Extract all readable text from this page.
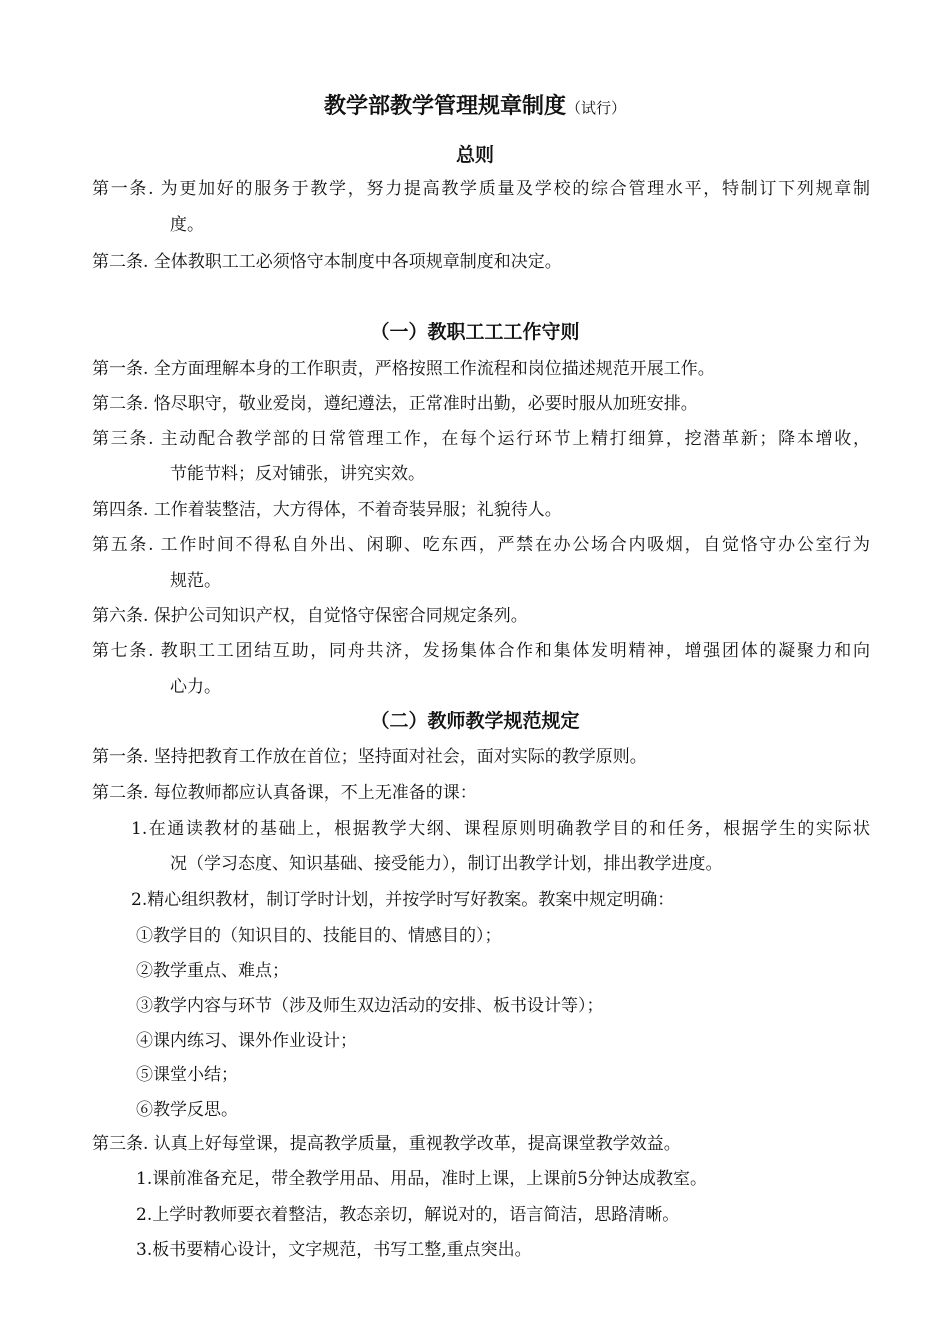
教学部教学管理规章制度（试行）
总则
第一条. 为更加好的服务于教学，努力提高教学质量及学校的综合管理水平，特制订下列规章制
度。
第二条. 全体教职工工必须恪守本制度中各项规章制度和决定。
（一）教职工工工作守则
第一条. 全方面理解本身的工作职责，严格按照工作流程和岗位描述规范开展工作。
第二条. 恪尽职守，敬业爱岗，遵纪遵法，正常准时出勤，必要时服从加班安排。
第三条. 主动配合教学部的日常管理工作，在每个运行环节上精打细算，挖潜革新；降本增收，
节能节料；反对铺张，讲究实效。
第四条. 工作着装整洁，大方得体，不着奇装异服；礼貌待人。
第五条. 工作时间不得私自外出、闲聊、吃东西，严禁在办公场合内吸烟，自觉恪守办公室行为
规范。
第六条. 保护公司知识产权，自觉恪守保密合同规定条列。
第七条. 教职工工团结互助，同舟共济，发扬集体合作和集体发明精神，增强团体的凝聚力和向
心力。
（二）教师教学规范规定
第一条. 坚持把教育工作放在首位；坚持面对社会，面对实际的教学原则。
第二条. 每位教师都应认真备课，不上无准备的课：
1.在通读教材的基础上，根据教学大纲、课程原则明确教学目的和任务，根据学生的实际状
况（学习态度、知识基础、接受能力），制订出教学计划，排出教学进度。
2.精心组织教材，制订学时计划，并按学时写好教案。教案中规定明确：
①教学目的（知识目的、技能目的、情感目的）；
②教学重点、难点；
③教学内容与环节（涉及师生双边活动的安排、板书设计等）；
④课内练习、课外作业设计；
⑤课堂小结；
⑥教学反思。
第三条. 认真上好每堂课，提高教学质量，重视教学改革，提高课堂教学效益。
1.课前准备充足，带全教学用品、用品，准时上课，上课前5分钟达成教室。
2.上学时教师要衣着整洁，教态亲切，解说对的，语言简洁，思路清晰。
3.板书要精心设计，文字规范，书写工整,重点突出。
